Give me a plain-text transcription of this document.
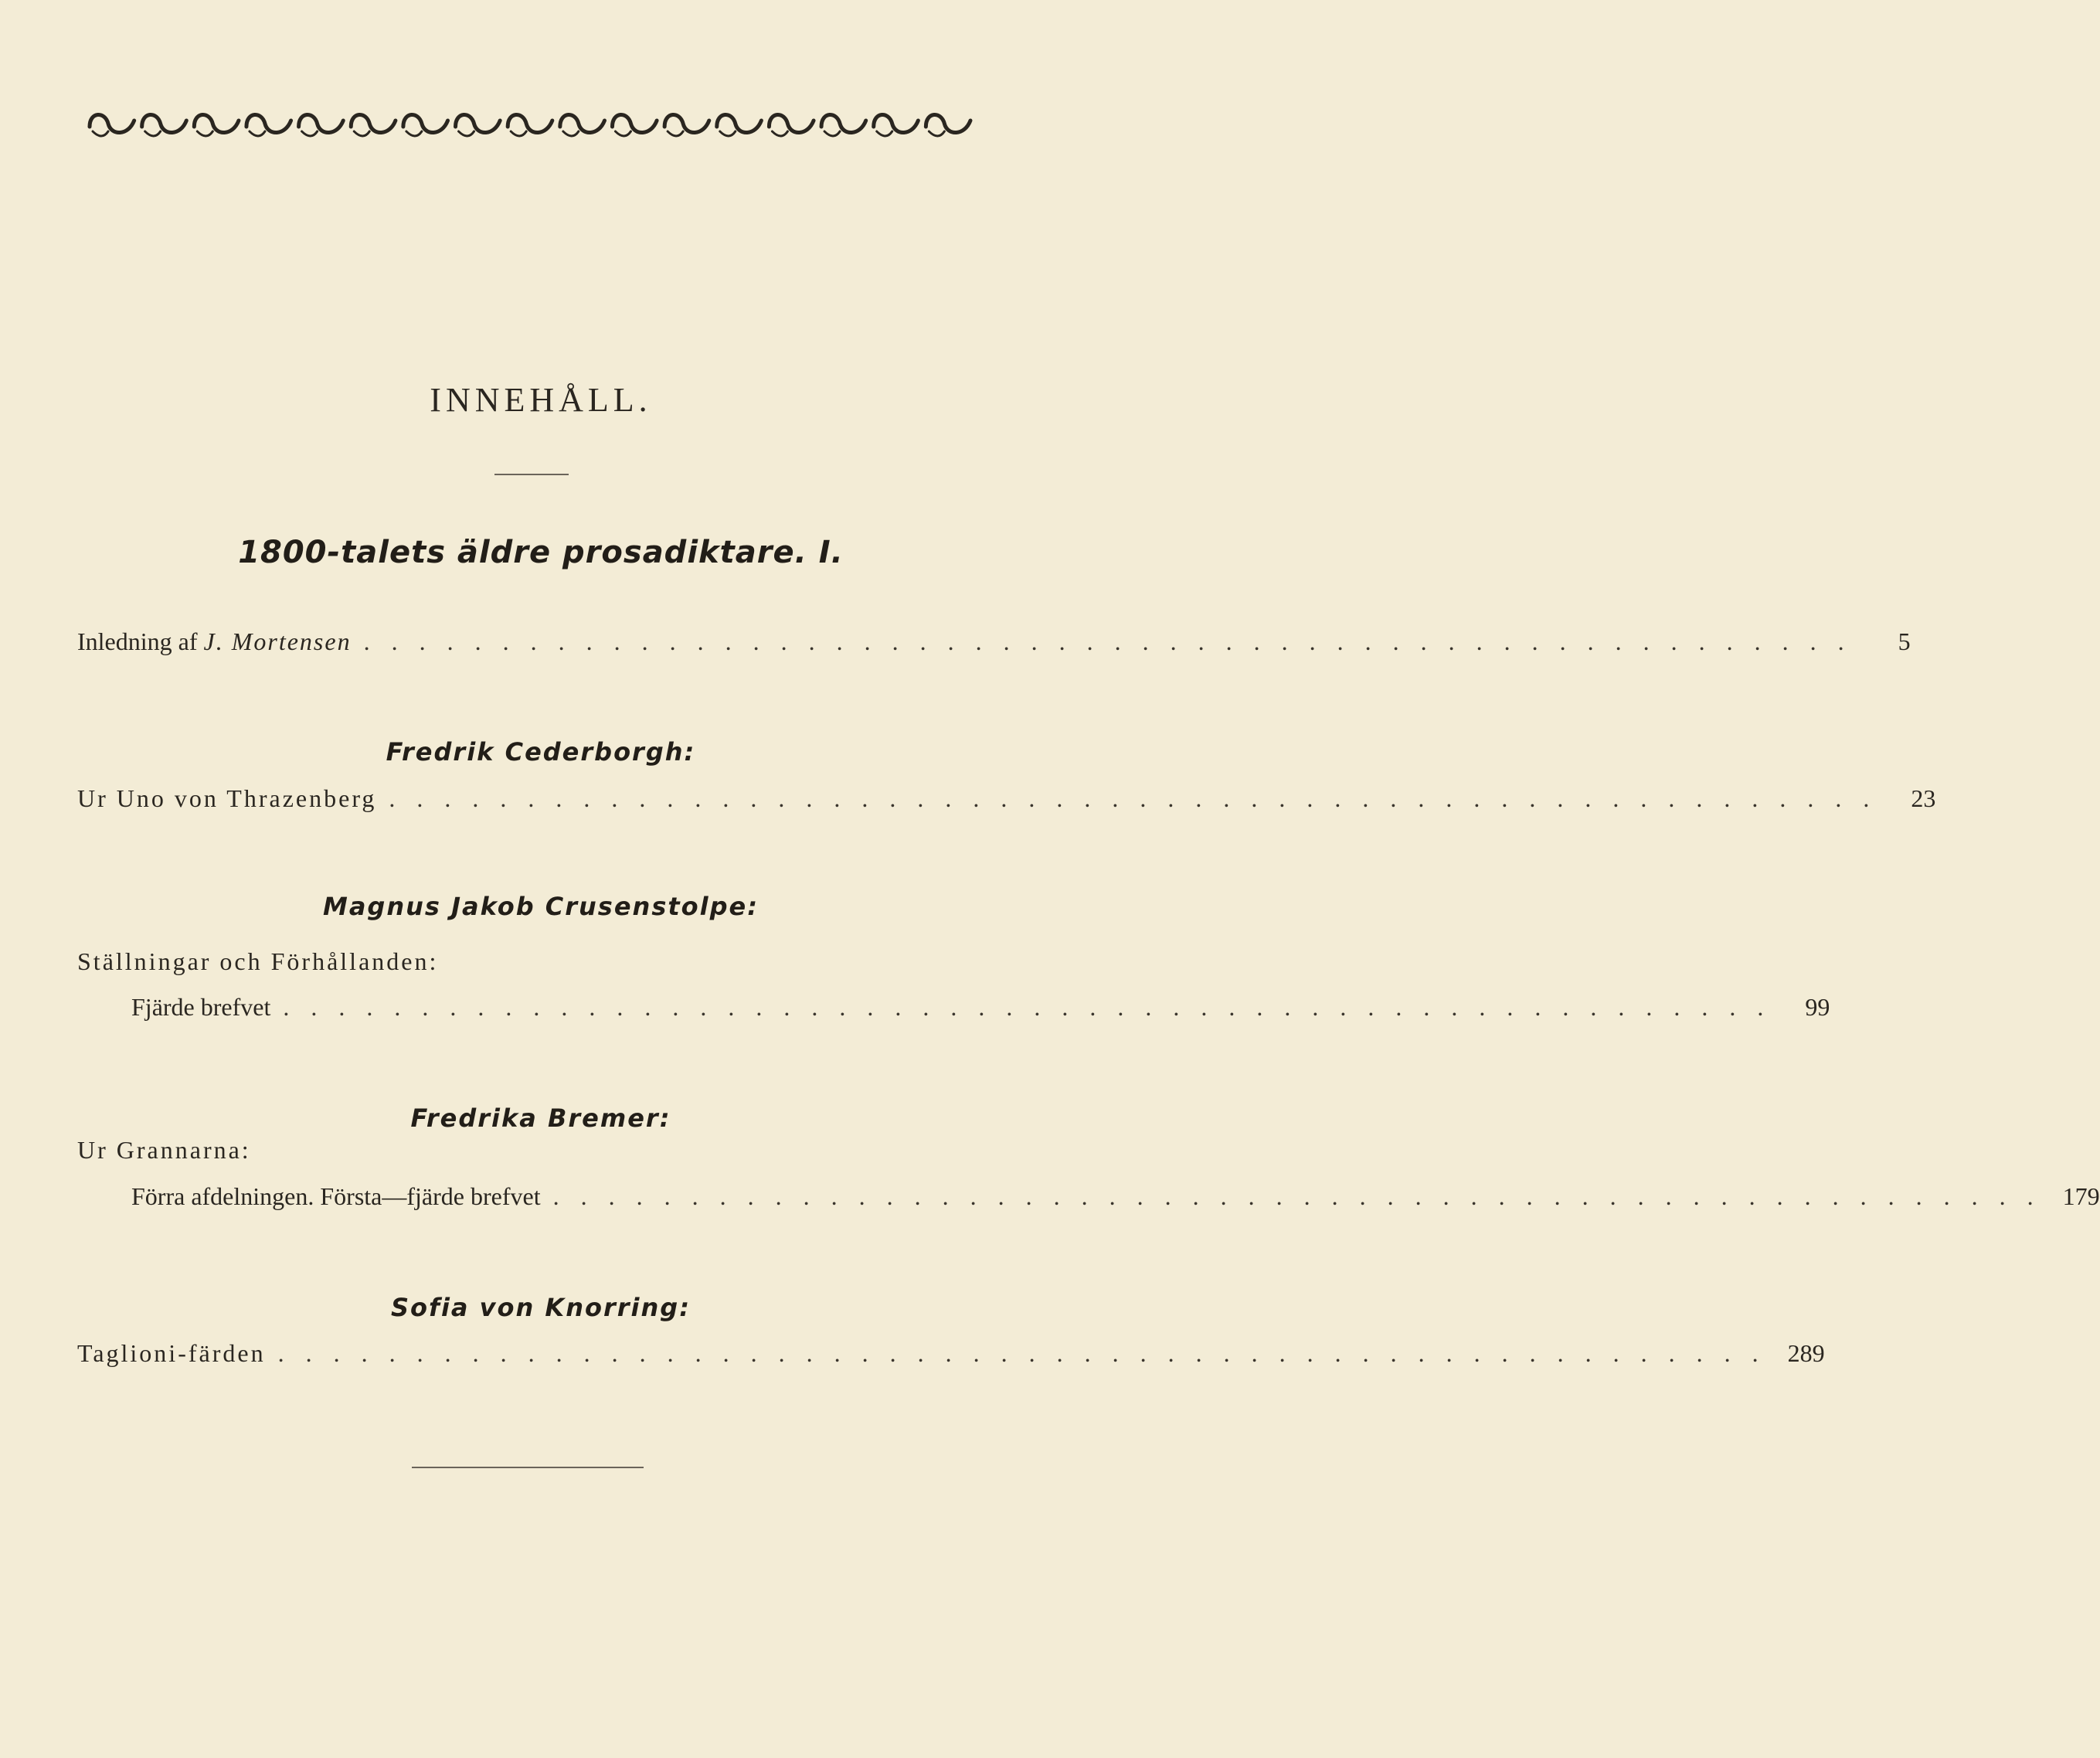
INNEHÅLL.
1800-talets äldre prosadiktare. I.
Inledning af J. Mortensen . . . . . . . . . . . . . . . . . . . . . . . . . . . . . . . . . . . . . . . . . . . . . . . . . . . . . .	5
Fredrik Cederborgh:
Ur Uno von Thrazenberg . . . . . . . . . . . . . . . . . . . . . . . . . . . . . . . . . . . . . . . . . . . . . . . . . . . . . .	23
Magnus Jakob Crusenstolpe:
Ställningar och Förhållanden:
Fjärde brefvet . . . . . . . . . . . . . . . . . . . . . . . . . . . . . . . . . . . . . . . . . . . . . . . . . . . . . .	99
Fredrika Bremer:
Ur Grannarna:
Förra afdelningen. Första—fjärde brefvet . . . . . . . . . . . . . . . . . . . . . . . . . . . . . . . . . . . . . . . . . . . . . . . . . . . . . . 179
Sofia von Knorring:
Taglioni-färden . . . . . . . . . . . . . . . . . . . . . . . . . . . . . . . . . . . . . . . . . . . . . . . . . . . . . . 289
